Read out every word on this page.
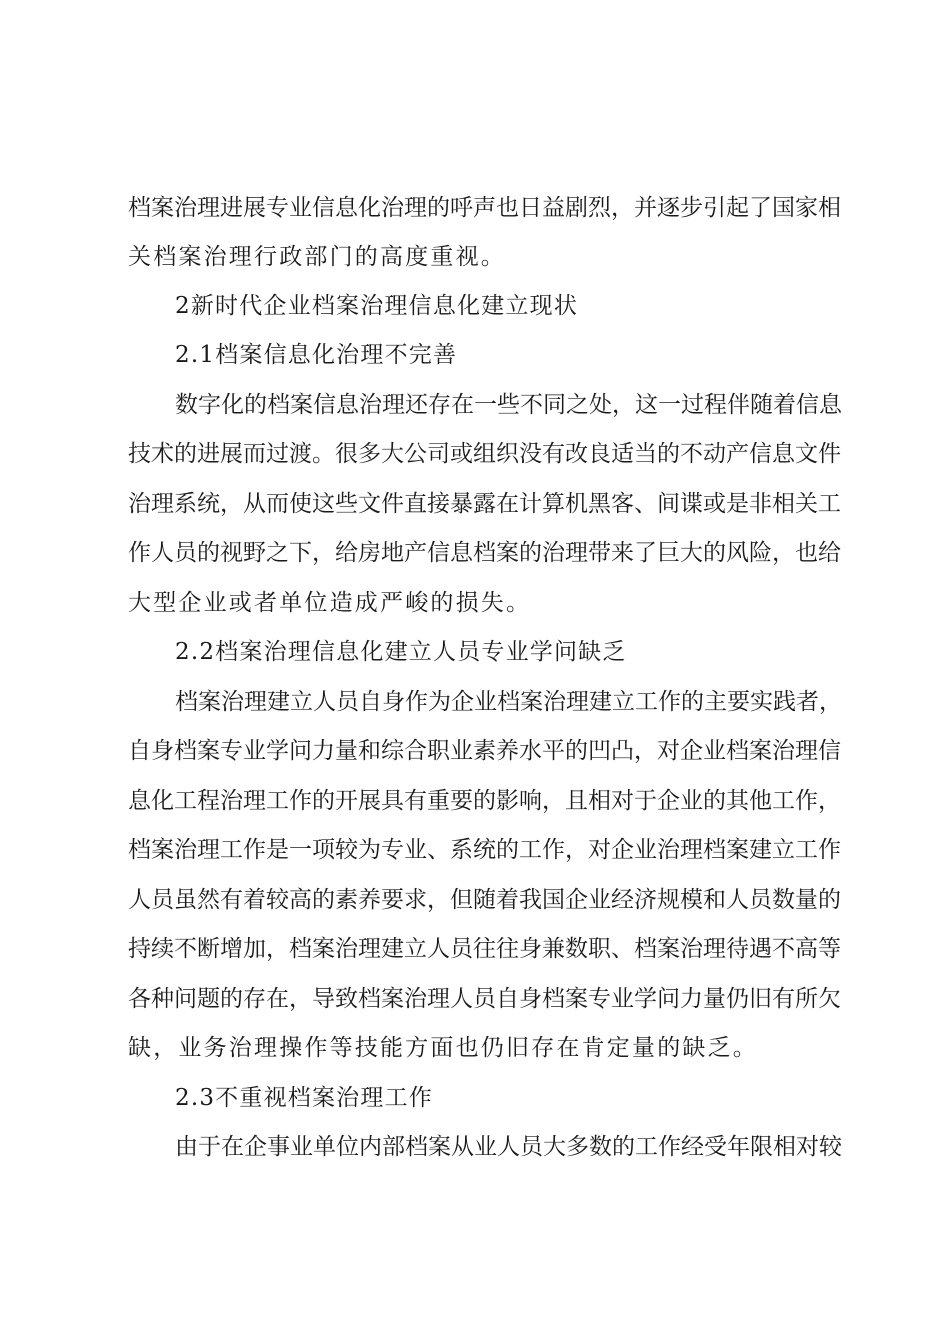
档案治理进展专业信息化治理的呼声也日益剧烈，并逐步引起了国家相
关档案治理行政部门的高度重视。
2新时代企业档案治理信息化建立现状
2.1档案信息化治理不完善
数字化的档案信息治理还存在一些不同之处，这一过程伴随着信息
技术的进展而过渡。很多大公司或组织没有改良适当的不动产信息文件
治理系统，从而使这些文件直接暴露在计算机黑客、间谍或是非相关工
作人员的视野之下，给房地产信息档案的治理带来了巨大的风险，也给
大型企业或者单位造成严峻的损失。
2.2档案治理信息化建立人员专业学问缺乏
档案治理建立人员自身作为企业档案治理建立工作的主要实践者，
自身档案专业学问力量和综合职业素养水平的凹凸，对企业档案治理信
息化工程治理工作的开展具有重要的影响，且相对于企业的其他工作，
档案治理工作是一项较为专业、系统的工作，对企业治理档案建立工作
人员虽然有着较高的素养要求，但随着我国企业经济规模和人员数量的
持续不断增加，档案治理建立人员往往身兼数职、档案治理待遇不高等
各种问题的存在，导致档案治理人员自身档案专业学问力量仍旧有所欠
缺，业务治理操作等技能方面也仍旧存在肯定量的缺乏。
2.3不重视档案治理工作
由于在企事业单位内部档案从业人员大多数的工作经受年限相对较
